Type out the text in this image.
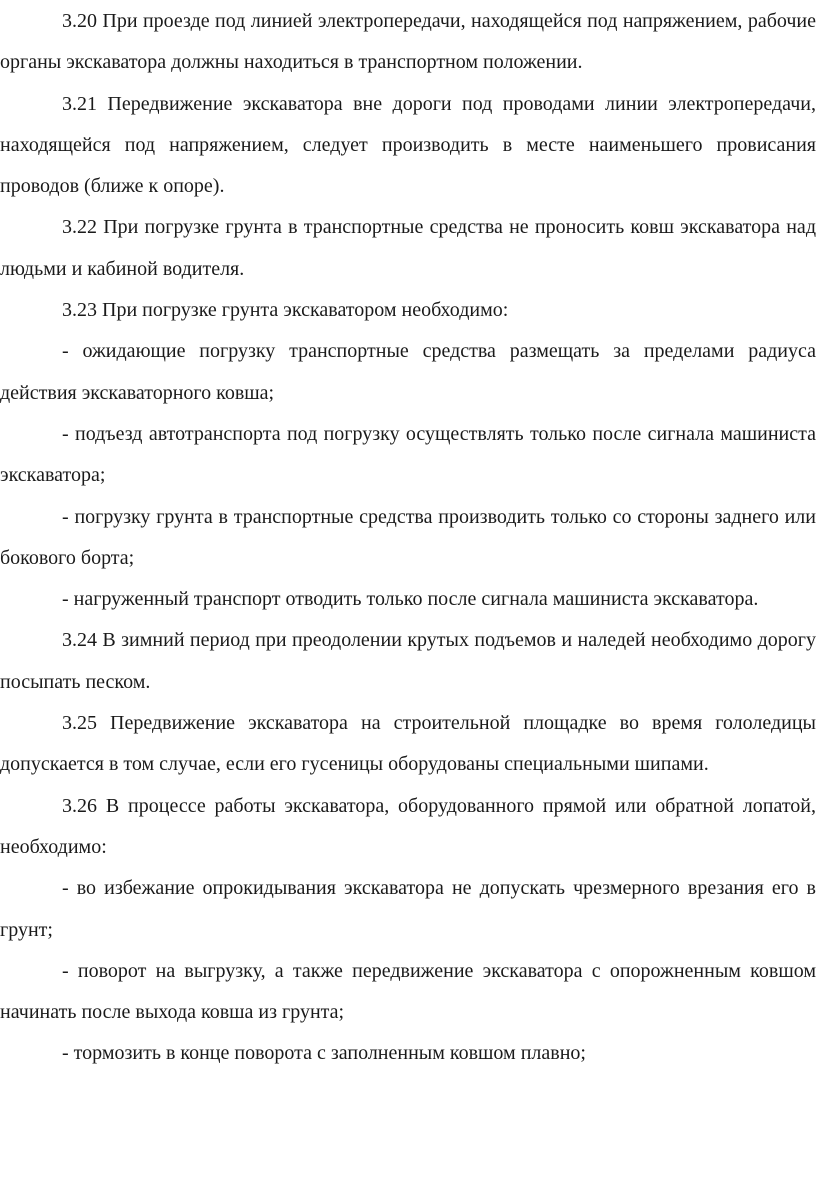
3.20 При проезде под линией электропередачи, находящейся под напряжением, рабочие органы экскаватора должны находиться в транспортном положении.

3.21 Передвижение экскаватора вне дороги под проводами линии электропередачи, находящейся под напряжением, следует производить в месте наименьшего провисания проводов (ближе к опоре).

3.22 При погрузке грунта в транспортные средства не проносить ковш экскаватора над людьми и кабиной водителя.

3.23 При погрузке грунта экскаватором необходимо:

- ожидающие погрузку транспортные средства размещать за пределами радиуса действия экскаваторного ковша;

- подъезд автотранспорта под погрузку осуществлять только после сигнала машиниста экскаватора;

- погрузку грунта в транспортные средства производить только со стороны заднего или бокового борта;

- нагруженный транспорт отводить только после сигнала машиниста экскаватора.

3.24 В зимний период при преодолении крутых подъемов и наледей необходимо дорогу посыпать песком.

3.25 Передвижение экскаватора на строительной площадке во время гололедицы допускается в том случае, если его гусеницы оборудованы специальными шипами.

3.26 В процессе работы экскаватора, оборудованного прямой или обратной лопатой, необходимо:

- во избежание опрокидывания экскаватора не допускать чрезмерного врезания его в грунт;

- поворот на выгрузку, а также передвижение экскаватора с опорожненным ковшом начинать после выхода ковша из грунта;

- тормозить в конце поворота с заполненным ковшом плавно;
